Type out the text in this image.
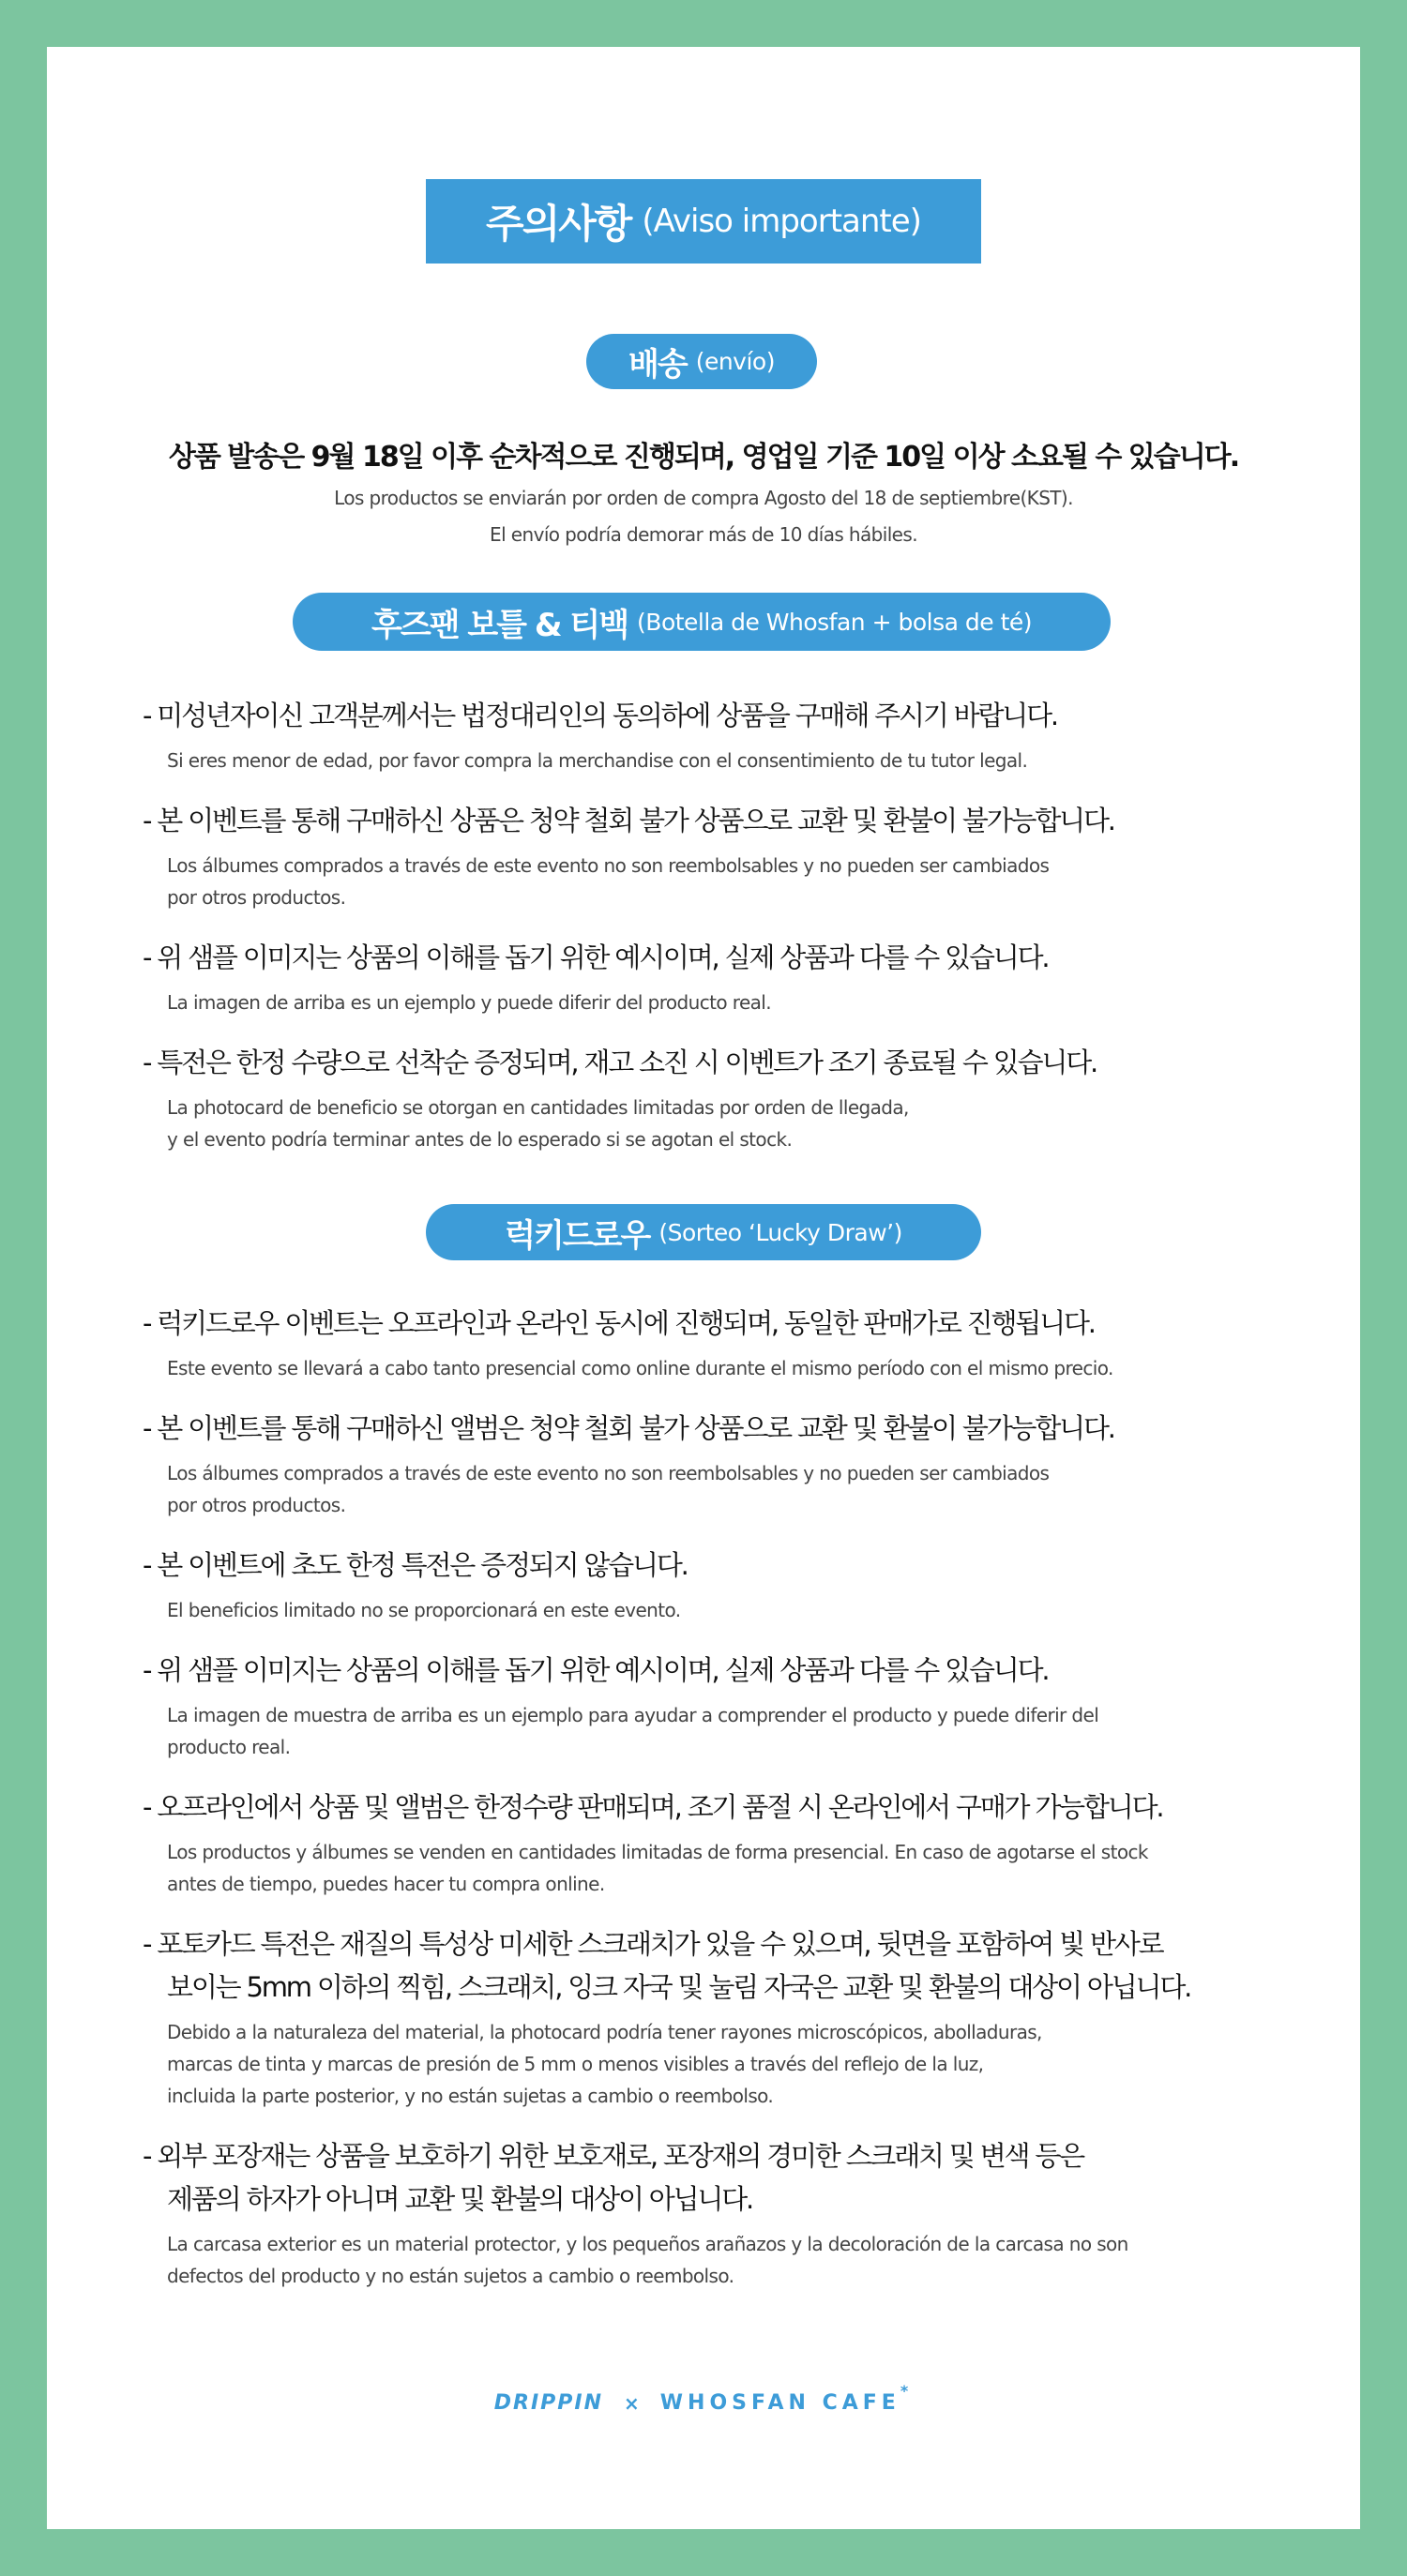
주의사항 (Aviso importante)
배송 (envío)
상품 발송은 9월 18일 이후 순차적으로 진행되며, 영업일 기준 10일 이상 소요될 수 있습니다.
Los productos se enviarán por orden de compra Agosto del 18 de septiembre(KST).
El envío podría demorar más de 10 días hábiles.
후즈팬 보틀 & 티백 (Botella de Whosfan + bolsa de té)
- 미성년자이신 고객분께서는 법정대리인의 동의하에 상품을 구매해 주시기 바랍니다.
Si eres menor de edad, por favor compra la merchandise con el consentimiento de tu tutor legal.
- 본 이벤트를 통해 구매하신 상품은 청약 철회 불가 상품으로 교환 및 환불이 불가능합니다.
Los álbumes comprados a través de este evento no son reembolsables y no pueden ser cambiados
por otros productos.
- 위 샘플 이미지는 상품의 이해를 돕기 위한 예시이며, 실제 상품과 다를 수 있습니다.
La imagen de arriba es un ejemplo y puede diferir del producto real.
- 특전은 한정 수량으로 선착순 증정되며, 재고 소진 시 이벤트가 조기 종료될 수 있습니다.
La photocard de beneficio se otorgan en cantidades limitadas por orden de llegada,
y el evento podría terminar antes de lo esperado si se agotan el stock.
럭키드로우 (Sorteo ‘Lucky Draw’)
- 럭키드로우 이벤트는 오프라인과 온라인 동시에 진행되며, 동일한 판매가로 진행됩니다.
Este evento se llevará a cabo tanto presencial como online durante el mismo período con el mismo precio.
- 본 이벤트를 통해 구매하신 앨범은 청약 철회 불가 상품으로 교환 및 환불이 불가능합니다.
Los álbumes comprados a través de este evento no son reembolsables y no pueden ser cambiados
por otros productos.
- 본 이벤트에 초도 한정 특전은 증정되지 않습니다.
El beneficios limitado no se proporcionará en este evento.
- 위 샘플 이미지는 상품의 이해를 돕기 위한 예시이며, 실제 상품과 다를 수 있습니다.
La imagen de muestra de arriba es un ejemplo para ayudar a comprender el producto y puede diferir del
producto real.
- 오프라인에서 상품 및 앨범은 한정수량 판매되며, 조기 품절 시 온라인에서 구매가 가능합니다.
Los productos y álbumes se venden en cantidades limitadas de forma presencial. En caso de agotarse el stock
antes de tiempo, puedes hacer tu compra online.
- 포토카드 특전은 재질의 특성상 미세한 스크래치가 있을 수 있으며, 뒷면을 포함하여 빛 반사로
보이는 5mm 이하의 찍힘, 스크래치, 잉크 자국 및 눌림 자국은 교환 및 환불의 대상이 아닙니다.
Debido a la naturaleza del material, la photocard podría tener rayones microscópicos, abolladuras,
marcas de tinta y marcas de presión de 5 mm o menos visibles a través del reflejo de la luz,
incluida la parte posterior, y no están sujetas a cambio o reembolso.
- 외부 포장재는 상품을 보호하기 위한 보호재로, 포장재의 경미한 스크래치 및 변색 등은
제품의 하자가 아니며 교환 및 환불의 대상이 아닙니다.
La carcasa exterior es un material protector, y los pequeños arañazos y la decoloración de la carcasa no son
defectos del producto y no están sujetos a cambio o reembolso.
DRIPPIN × WHOSFAN CAFE*
